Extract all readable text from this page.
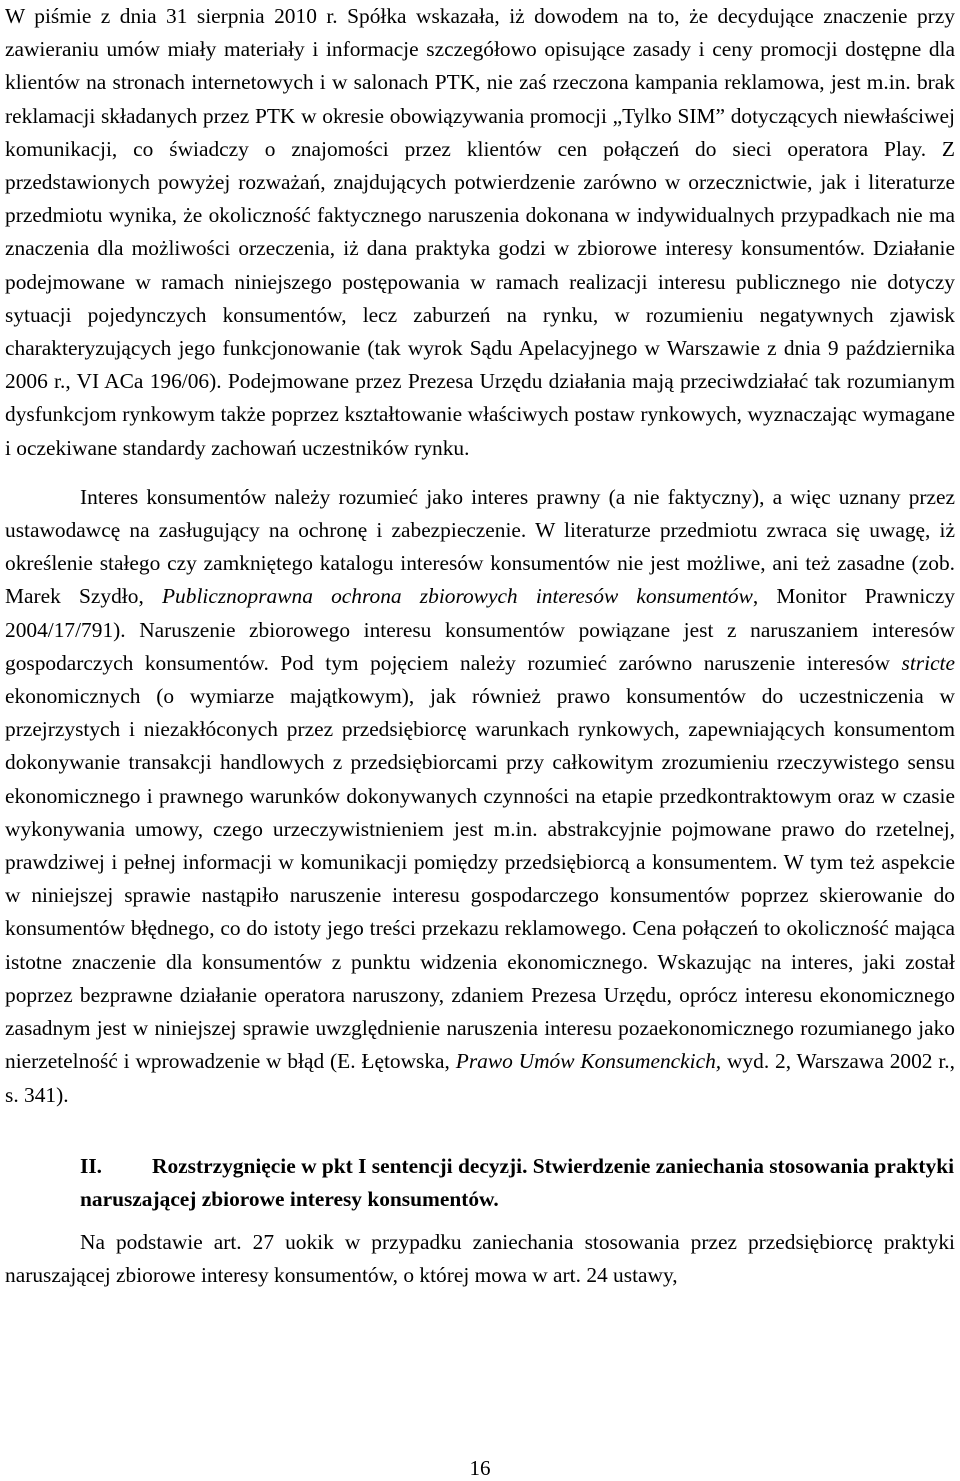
W piśmie z dnia 31 sierpnia 2010 r. Spółka wskazała, iż dowodem na to, że decydujące znaczenie przy zawieraniu umów miały materiały i informacje szczegółowo opisujące zasady i ceny promocji dostępne dla klientów na stronach internetowych i w salonach PTK, nie zaś rzeczona kampania reklamowa, jest m.in. brak reklamacji składanych przez PTK w okresie obowiązywania promocji „Tylko SIM” dotyczących niewłaściwej komunikacji, co świadczy o znajomości przez klientów cen połączeń do sieci operatora Play. Z przedstawionych powyżej rozważań, znajdujących potwierdzenie zarówno w orzecznictwie, jak i literaturze przedmiotu wynika, że okoliczność faktycznego naruszenia dokonana w indywidualnych przypadkach nie ma znaczenia dla możliwości orzeczenia, iż dana praktyka godzi w zbiorowe interesy konsumentów. Działanie podejmowane w ramach niniejszego postępowania w ramach realizacji interesu publicznego nie dotyczy sytuacji pojedynczych konsumentów, lecz zaburzeń na rynku, w rozumieniu negatywnych zjawisk charakteryzujących jego funkcjonowanie (tak wyrok Sądu Apelacyjnego w Warszawie z dnia 9 października 2006 r., VI ACa 196/06). Podejmowane przez Prezesa Urzędu działania mają przeciwdziałać tak rozumianym dysfunkcjom rynkowym także poprzez kształtowanie właściwych postaw rynkowych, wyznaczając wymagane i oczekiwane standardy zachowań uczestników rynku.

Interes konsumentów należy rozumieć jako interes prawny (a nie faktyczny), a więc uznany przez ustawodawcę na zasługujący na ochronę i zabezpieczenie. W literaturze przedmiotu zwraca się uwagę, iż określenie stałego czy zamkniętego katalogu interesów konsumentów nie jest możliwe, ani też zasadne (zob. Marek Szydło, Publicznoprawna ochrona zbiorowych interesów konsumentów, Monitor Prawniczy 2004/17/791). Naruszenie zbiorowego interesu konsumentów powiązane jest z naruszaniem interesów gospodarczych konsumentów. Pod tym pojęciem należy rozumieć zarówno naruszenie interesów stricte ekonomicznych (o wymiarze majątkowym), jak również prawo konsumentów do uczestniczenia w przejrzystych i niezakłóconych przez przedsiębiorcę warunkach rynkowych, zapewniających konsumentom dokonywanie transakcji handlowych z przedsiębiorcami przy całkowitym zrozumieniu rzeczywistego sensu ekonomicznego i prawnego warunków dokonywanych czynności na etapie przedkontraktowym oraz w czasie wykonywania umowy, czego urzeczywistnieniem jest m.in. abstrakcyjnie pojmowane prawo do rzetelnej, prawdziwej i pełnej informacji w komunikacji pomiędzy przedsiębiorcą a konsumentem. W tym też aspekcie w niniejszej sprawie nastąpiło naruszenie interesu gospodarczego konsumentów poprzez skierowanie do konsumentów błędnego, co do istoty jego treści przekazu reklamowego. Cena połączeń to okoliczność mająca istotne znaczenie dla konsumentów z punktu widzenia ekonomicznego. Wskazując na interes, jaki został poprzez bezprawne działanie operatora naruszony, zdaniem Prezesa Urzędu, oprócz interesu ekonomicznego zasadnym jest w niniejszej sprawie uwzględnienie naruszenia interesu pozaekonomicznego rozumianego jako nierzetelność i wprowadzenie w błąd (E. Łętowska, Prawo Umów Konsumenckich, wyd. 2, Warszawa 2002 r., s. 341).

II. Rozstrzygnięcie w pkt I sentencji decyzji. Stwierdzenie zaniechania stosowania praktyki naruszającej zbiorowe interesy konsumentów.

Na podstawie art. 27 uokik w przypadku zaniechania stosowania przez przedsiębiorcę praktyki naruszającej zbiorowe interesy konsumentów, o której mowa w art. 24 ustawy,

16
